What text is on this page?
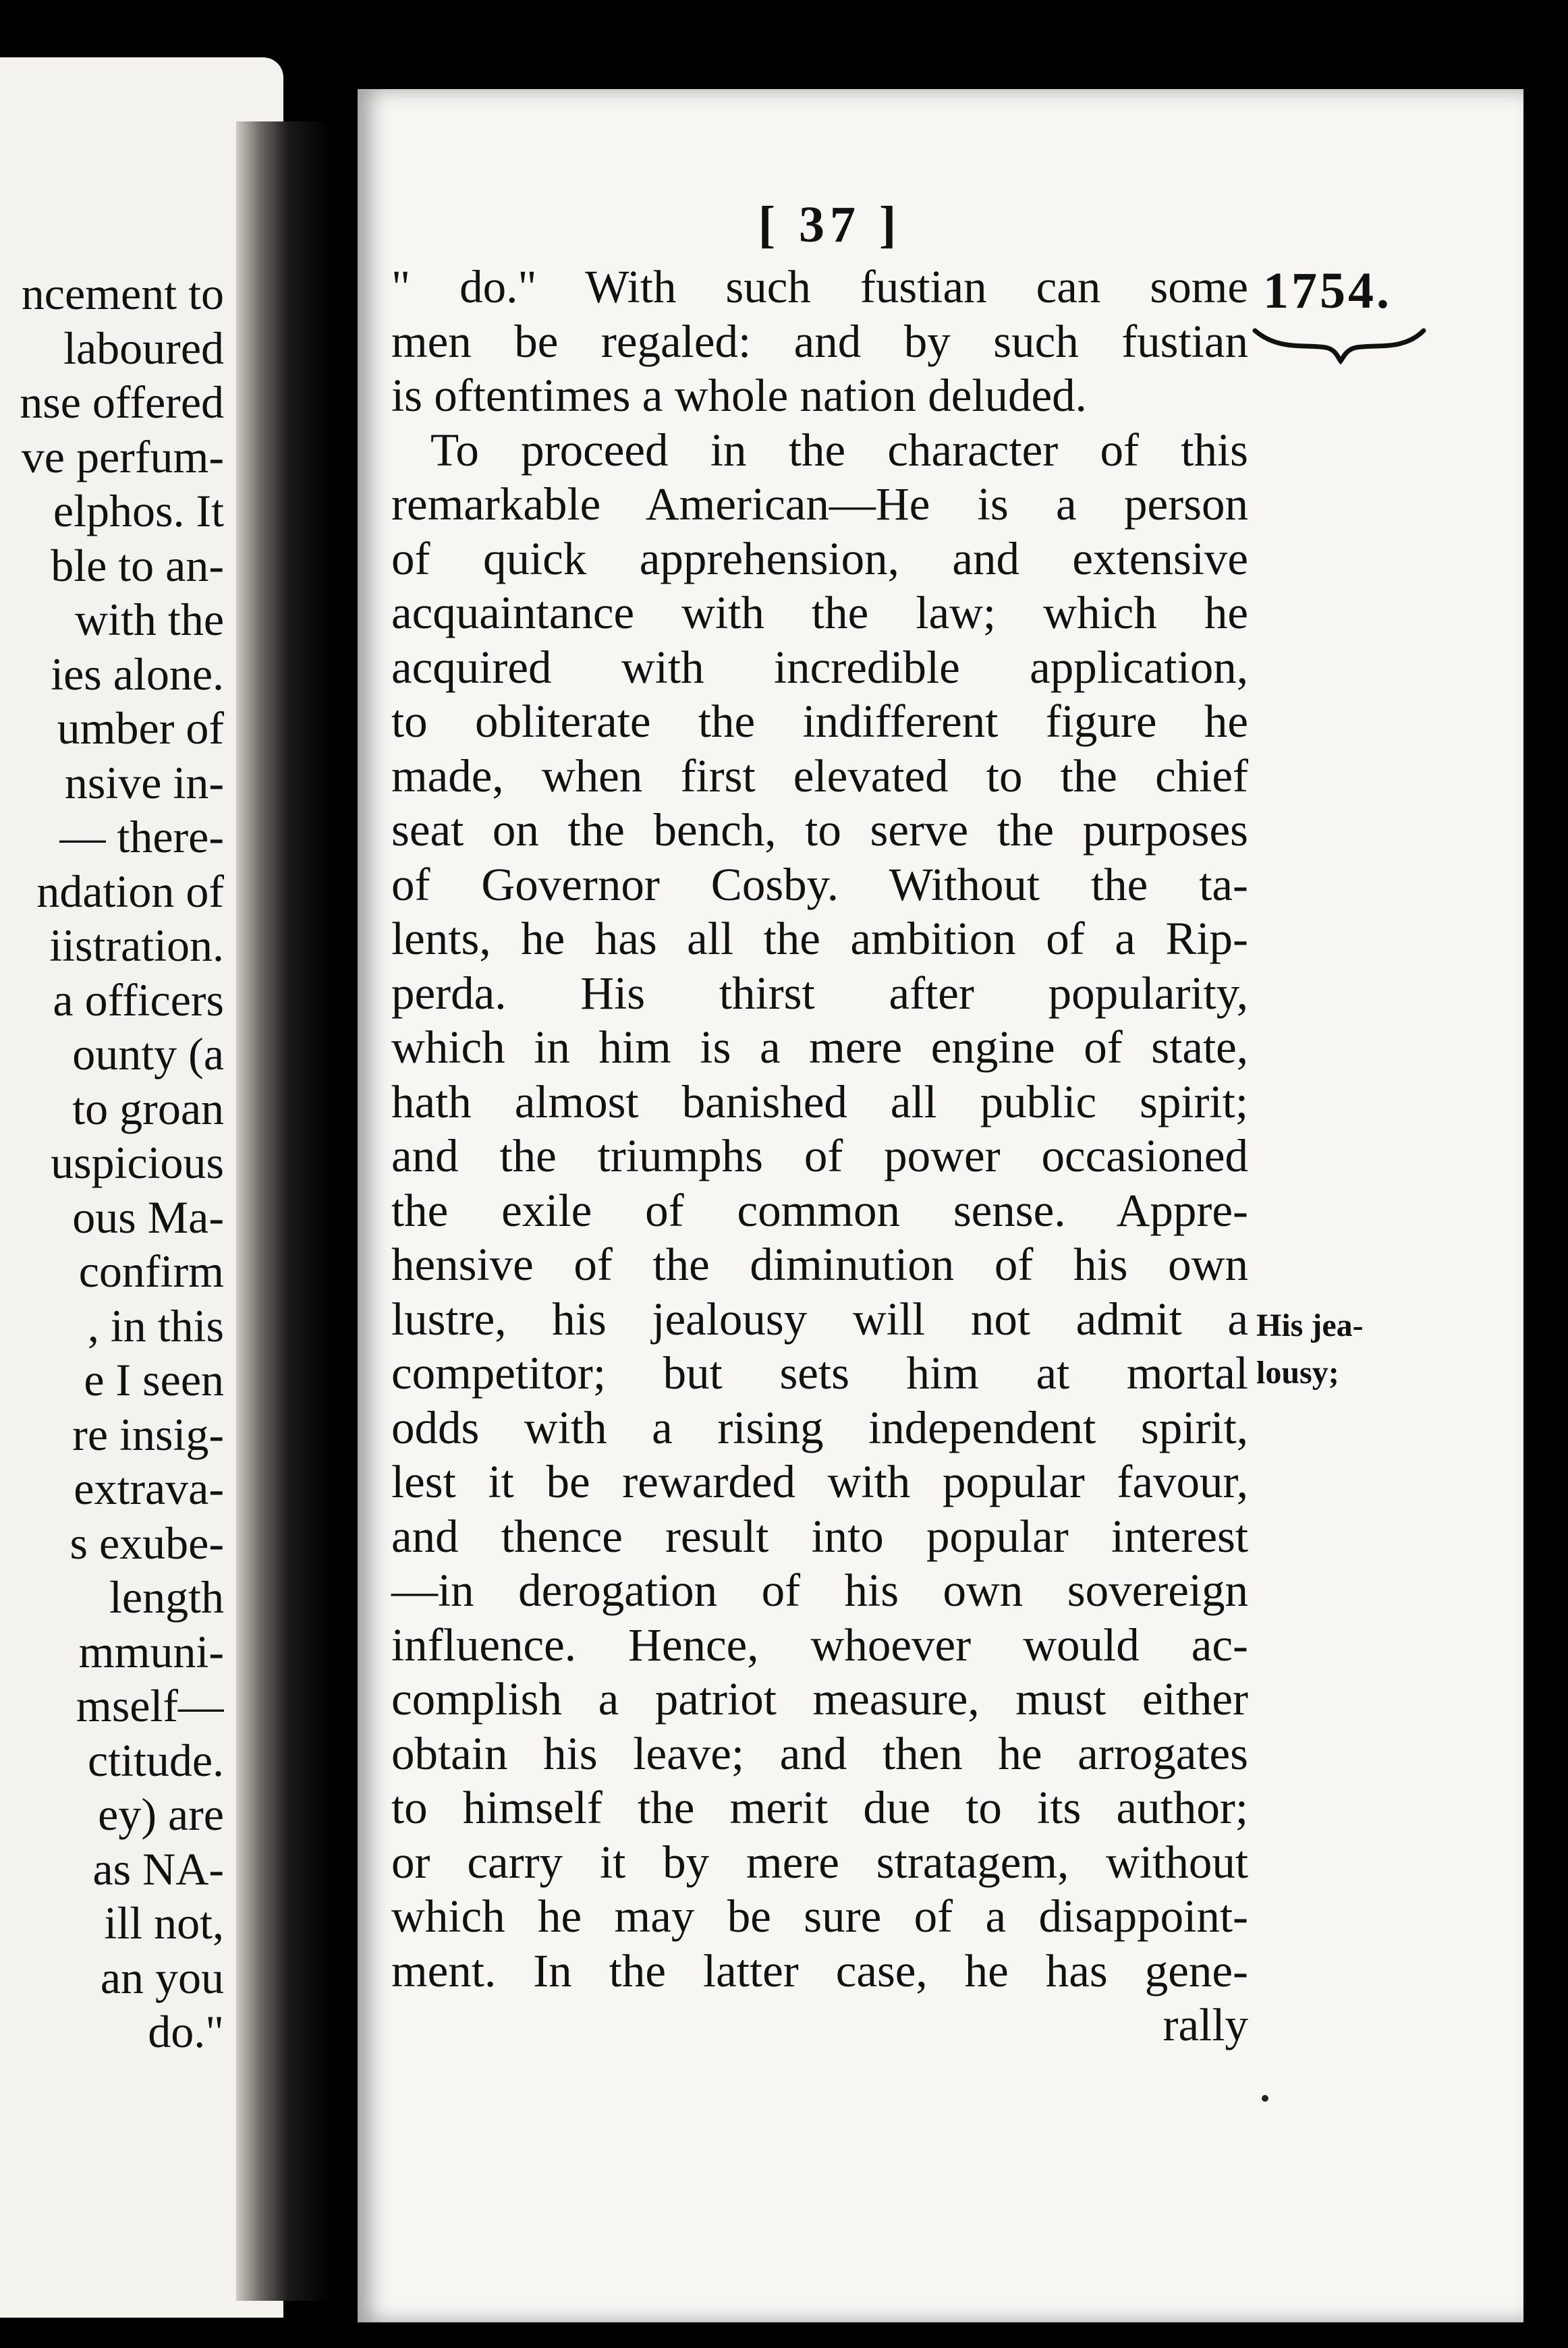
ncement to
laboured
nse offered
ve perfum-
elphos. It
ble to an-
with the
ies alone.
umber of
nsive in-
— there-
ndation of
iistration.
a officers
ounty (a
to groan
uspicious
ous Ma-
confirm
, in this
e I seen
re insig-
extrava-
s exube-
length
mmuni-
mself—
ctitude.
ey) are
as NA-
ill not,
an you
do."
[ 37 ]
1754.
" do." With such fustian can some
men be regaled: and by such fustian
is oftentimes a whole nation deluded.
To proceed in the character of this
remarkable American—He is a person
of quick apprehension, and extensive
acquaintance with the law; which he
acquired with incredible application,
to obliterate the indifferent figure he
made, when first elevated to the chief
seat on the bench, to serve the purposes
of Governor Cosby. Without the ta-
lents, he has all the ambition of a Rip-
perda. His thirst after popularity,
which in him is a mere engine of state,
hath almost banished all public spirit;
and the triumphs of power occasioned
the exile of common sense. Appre-
hensive of the diminution of his own
lustre, his jealousy will not admit a
competitor; but sets him at mortal
odds with a rising independent spirit,
lest it be rewarded with popular favour,
and thence result into popular interest
—in derogation of his own sovereign
influence. Hence, whoever would ac-
complish a patriot measure, must either
obtain his leave; and then he arrogates
to himself the merit due to its author;
or carry it by mere stratagem, without
which he may be sure of a disappoint-
ment. In the latter case, he has gene-
rally
His jea-
lousy;
